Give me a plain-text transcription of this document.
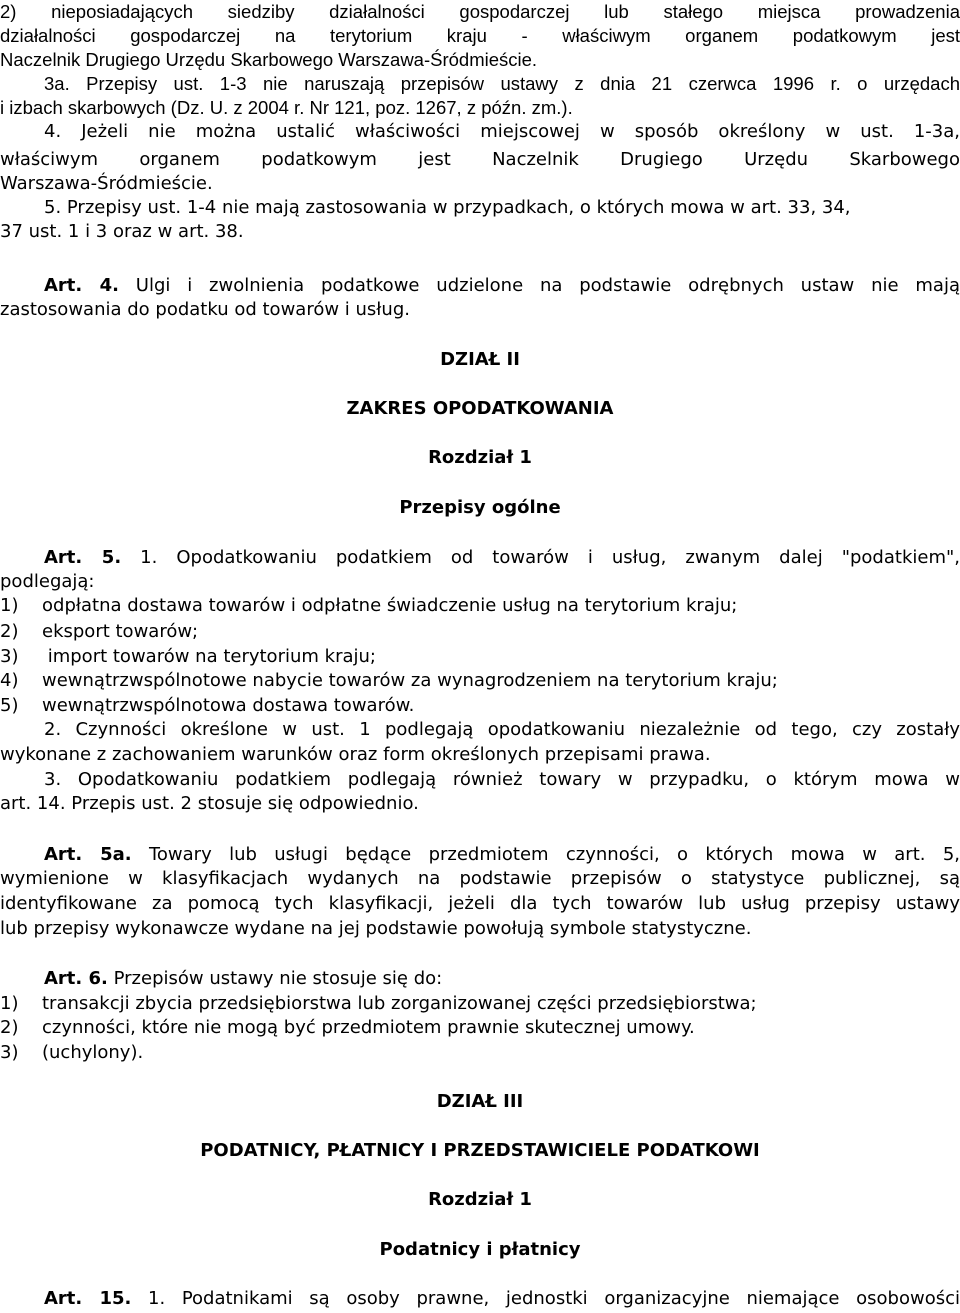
2) nieposiadających siedziby działalności gospodarczej lub stałego miejsca prowadzenia

działalności gospodarczej na terytorium kraju - właściwym organem podatkowym jest

Naczelnik Drugiego Urzędu Skarbowego Warszawa-Śródmieście.

3a. Przepisy ust. 1-3 nie naruszają przepisów ustawy z dnia 21 czerwca 1996 r. o urzędach

i izbach skarbowych (Dz. U. z 2004 r. Nr 121, poz. 1267, z późn. zm.).

4. Jeżeli nie można ustalić właściwości miejscowej w sposób określony w ust. 1-3a,

właściwym organem podatkowym jest Naczelnik Drugiego Urzędu Skarbowego

Warszawa-Śródmieście.

5. Przepisy ust. 1-4 nie mają zastosowania w przypadkach, o których mowa w art. 33, 34,

37 ust. 1 i 3 oraz w art. 38.

Art. 4. Ulgi i zwolnienia podatkowe udzielone na podstawie odrębnych ustaw nie mają

zastosowania do podatku od towarów i usług.

DZIAŁ II

ZAKRES OPODATKOWANIA

Rozdział 1

Przepisy ogólne

Art. 5. 1. Opodatkowaniu podatkiem od towarów i usług, zwanym dalej "podatkiem",

podlegają:

1) odpłatna dostawa towarów i odpłatne świadczenie usług na terytorium kraju;

2) eksport towarów;

3) import towarów na terytorium kraju;

4) wewnątrzwspólnotowe nabycie towarów za wynagrodzeniem na terytorium kraju;

5) wewnątrzwspólnotowa dostawa towarów.

2. Czynności określone w ust. 1 podlegają opodatkowaniu niezależnie od tego, czy zostały

wykonane z zachowaniem warunków oraz form określonych przepisami prawa.

3. Opodatkowaniu podatkiem podlegają również towary w przypadku, o którym mowa w

art. 14. Przepis ust. 2 stosuje się odpowiednio.

Art. 5a. Towary lub usługi będące przedmiotem czynności, o których mowa w art. 5,

wymienione w klasyfikacjach wydanych na podstawie przepisów o statystyce publicznej, są

identyfikowane za pomocą tych klasyfikacji, jeżeli dla tych towarów lub usług przepisy ustawy

lub przepisy wykonawcze wydane na jej podstawie powołują symbole statystyczne.

Art. 6. Przepisów ustawy nie stosuje się do:

1) transakcji zbycia przedsiębiorstwa lub zorganizowanej części przedsiębiorstwa;

2) czynności, które nie mogą być przedmiotem prawnie skutecznej umowy.

3) (uchylony).

DZIAŁ III

PODATNICY, PŁATNICY I PRZEDSTAWICIELE PODATKOWI

Rozdział 1

Podatnicy i płatnicy

Art. 15. 1. Podatnikami są osoby prawne, jednostki organizacyjne niemające osobowości
